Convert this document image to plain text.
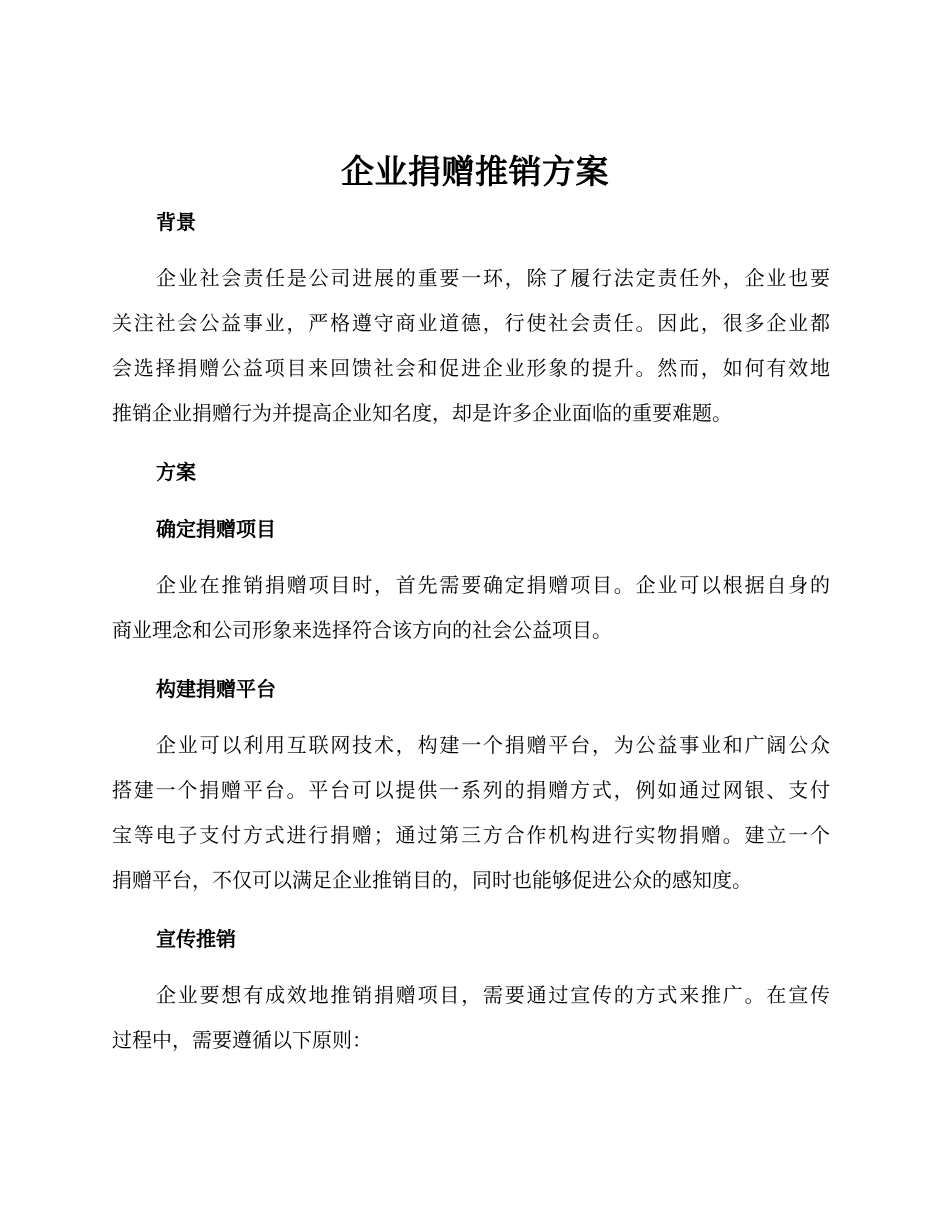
企业捐赠推销方案
背景
企业社会责任是公司进展的重要一环，除了履行法定责任外，企业也要
关注社会公益事业，严格遵守商业道德，行使社会责任。因此，很多企业都
会选择捐赠公益项目来回馈社会和促进企业形象的提升。然而，如何有效地
推销企业捐赠行为并提高企业知名度，却是许多企业面临的重要难题。
方案
确定捐赠项目
企业在推销捐赠项目时，首先需要确定捐赠项目。企业可以根据自身的
商业理念和公司形象来选择符合该方向的社会公益项目。
构建捐赠平台
企业可以利用互联网技术，构建一个捐赠平台，为公益事业和广阔公众
搭建一个捐赠平台。平台可以提供一系列的捐赠方式，例如通过网银、支付
宝等电子支付方式进行捐赠；通过第三方合作机构进行实物捐赠。建立一个
捐赠平台，不仅可以满足企业推销目的，同时也能够促进公众的感知度。
宣传推销
企业要想有成效地推销捐赠项目，需要通过宣传的方式来推广。在宣传
过程中，需要遵循以下原则：
